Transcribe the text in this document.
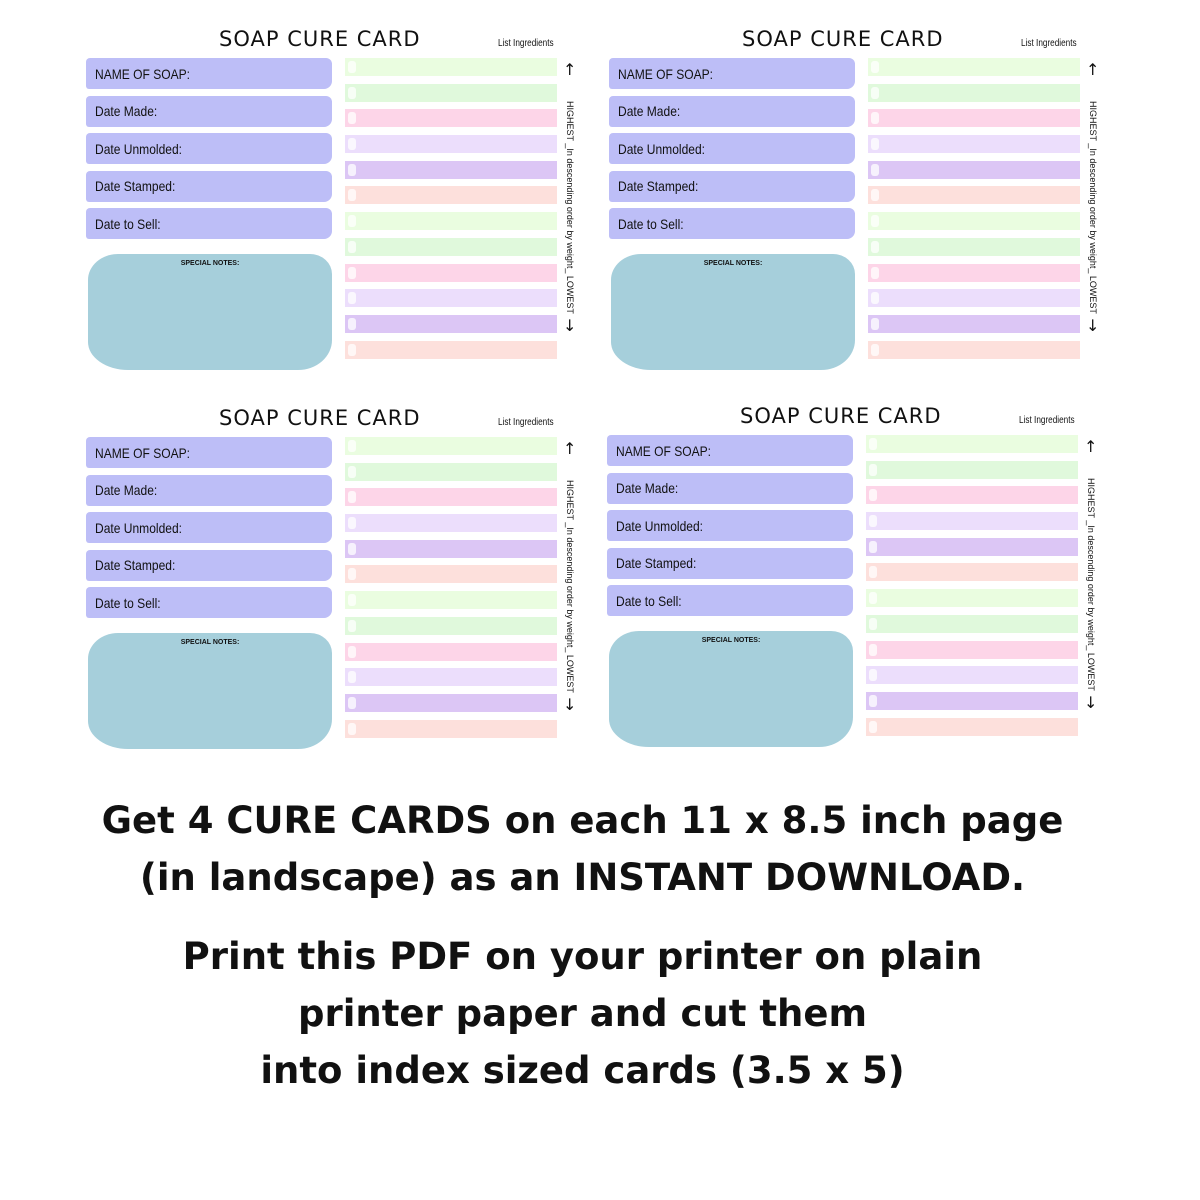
SOAP CURE CARD	List Ingredients
NAME OF SOAP:
Date Made:
Date Unmolded:
Date Stamped:
Date to Sell:
SPECIAL NOTES:
↑
HIGHEST _In descending order by weight_ LOWEST
↓
SOAP CURE CARD	List Ingredients
NAME OF SOAP:
Date Made:
Date Unmolded:
Date Stamped:
Date to Sell:
SPECIAL NOTES:
↑
HIGHEST _In descending order by weight_ LOWEST
↓
SOAP CURE CARD	List Ingredients
NAME OF SOAP:
Date Made:
Date Unmolded:
Date Stamped:
Date to Sell:
SPECIAL NOTES:
↑
HIGHEST _In descending order by weight_ LOWEST
↓
SOAP CURE CARD	List Ingredients
NAME OF SOAP:
Date Made:
Date Unmolded:
Date Stamped:
Date to Sell:
SPECIAL NOTES:
↑
HIGHEST _In descending order by weight_ LOWEST
↓
Get 4 CURE CARDS on each 11 x 8.5 inch page
(in landscape) as an INSTANT DOWNLOAD.
Print this PDF on your printer on plain
printer paper and cut them
into index sized cards (3.5 x 5)
